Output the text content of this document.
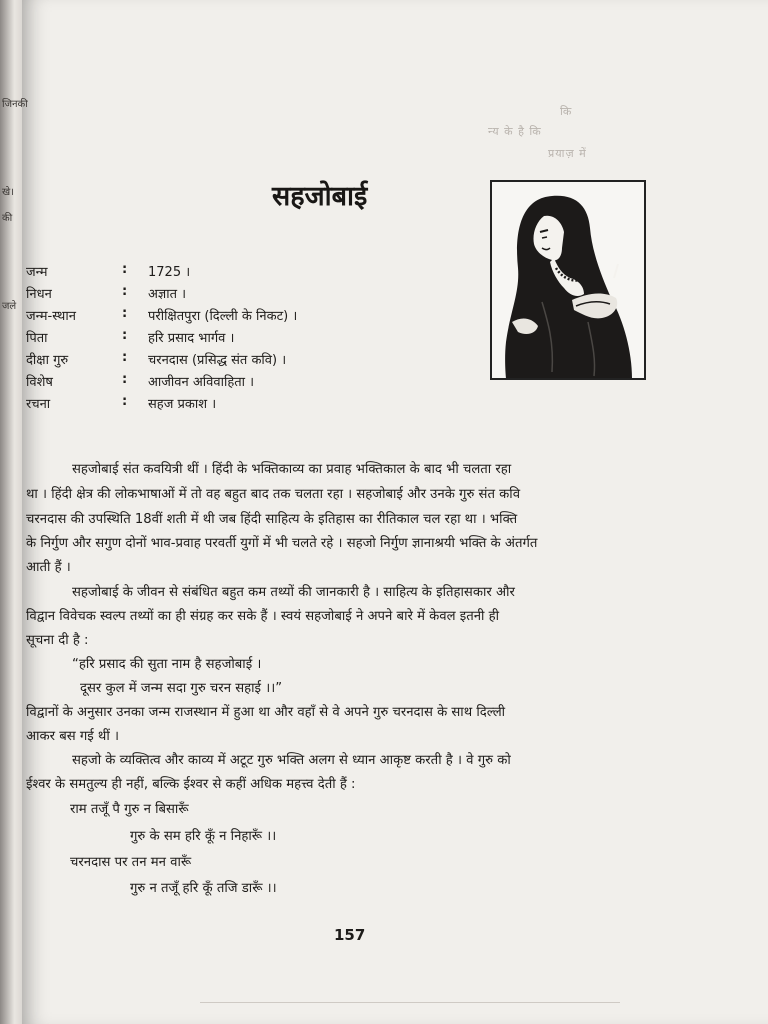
जिनकी
खे।
की
जले
कि
न्य के है कि
प्रयाज़ में
सहजोबाई
जन्म	: 1725 ।
निधन	: अज्ञात ।
जन्म-स्थान	: परीक्षितपुरा (दिल्ली के निकट) ।
पिता	: हरि प्रसाद भार्गव ।
दीक्षा गुरु	: चरनदास (प्रसिद्ध संत कवि) ।
विशेष	: आजीवन अविवाहिता ।
रचना	: सहज प्रकाश ।

सहजोबाई संत कवयित्री थीं । हिंदी के भक्तिकाव्य का प्रवाह भक्तिकाल के बाद भी चलता रहा

था । हिंदी क्षेत्र की लोकभाषाओं में तो वह बहुत बाद तक चलता रहा । सहजोबाई और उनके गुरु संत कवि

चरनदास की उपस्थिति 18वीं शती में थी जब हिंदी साहित्य के इतिहास का रीतिकाल चल रहा था । भक्ति

के निर्गुण और सगुण दोनों भाव-प्रवाह परवर्ती युगों में भी चलते रहे । सहजो निर्गुण ज्ञानाश्रयी भक्ति के अंतर्गत

आती हैं ।

सहजोबाई के जीवन से संबंधित बहुत कम तथ्यों की जानकारी है । साहित्य के इतिहासकार और

विद्वान विवेचक स्वल्प तथ्यों का ही संग्रह कर सके हैं । स्वयं सहजोबाई ने अपने बारे में केवल इतनी ही

सूचना दी है :

“हरि प्रसाद की सुता नाम है सहजोबाई ।

दूसर कुल में जन्म सदा गुरु चरन सहाई ।।”

विद्वानों के अनुसार उनका जन्म राजस्थान में हुआ था और वहाँ से वे अपने गुरु चरनदास के साथ दिल्ली

आकर बस गई थीं ।

सहजो के व्यक्तित्व और काव्य में अटूट गुरु भक्ति अलग से ध्यान आकृष्ट करती है । वे गुरु को

ईश्वर के समतुल्य ही नहीं, बल्कि ईश्वर से कहीं अधिक महत्त्व देती हैं :

राम तजूँ पै गुरु न बिसारूँ

गुरु के सम हरि कूँ न निहारूँ ।।

चरनदास पर तन मन वारूँ

गुरु न तजूँ हरि कूँ तजि डारूँ ।।

157
